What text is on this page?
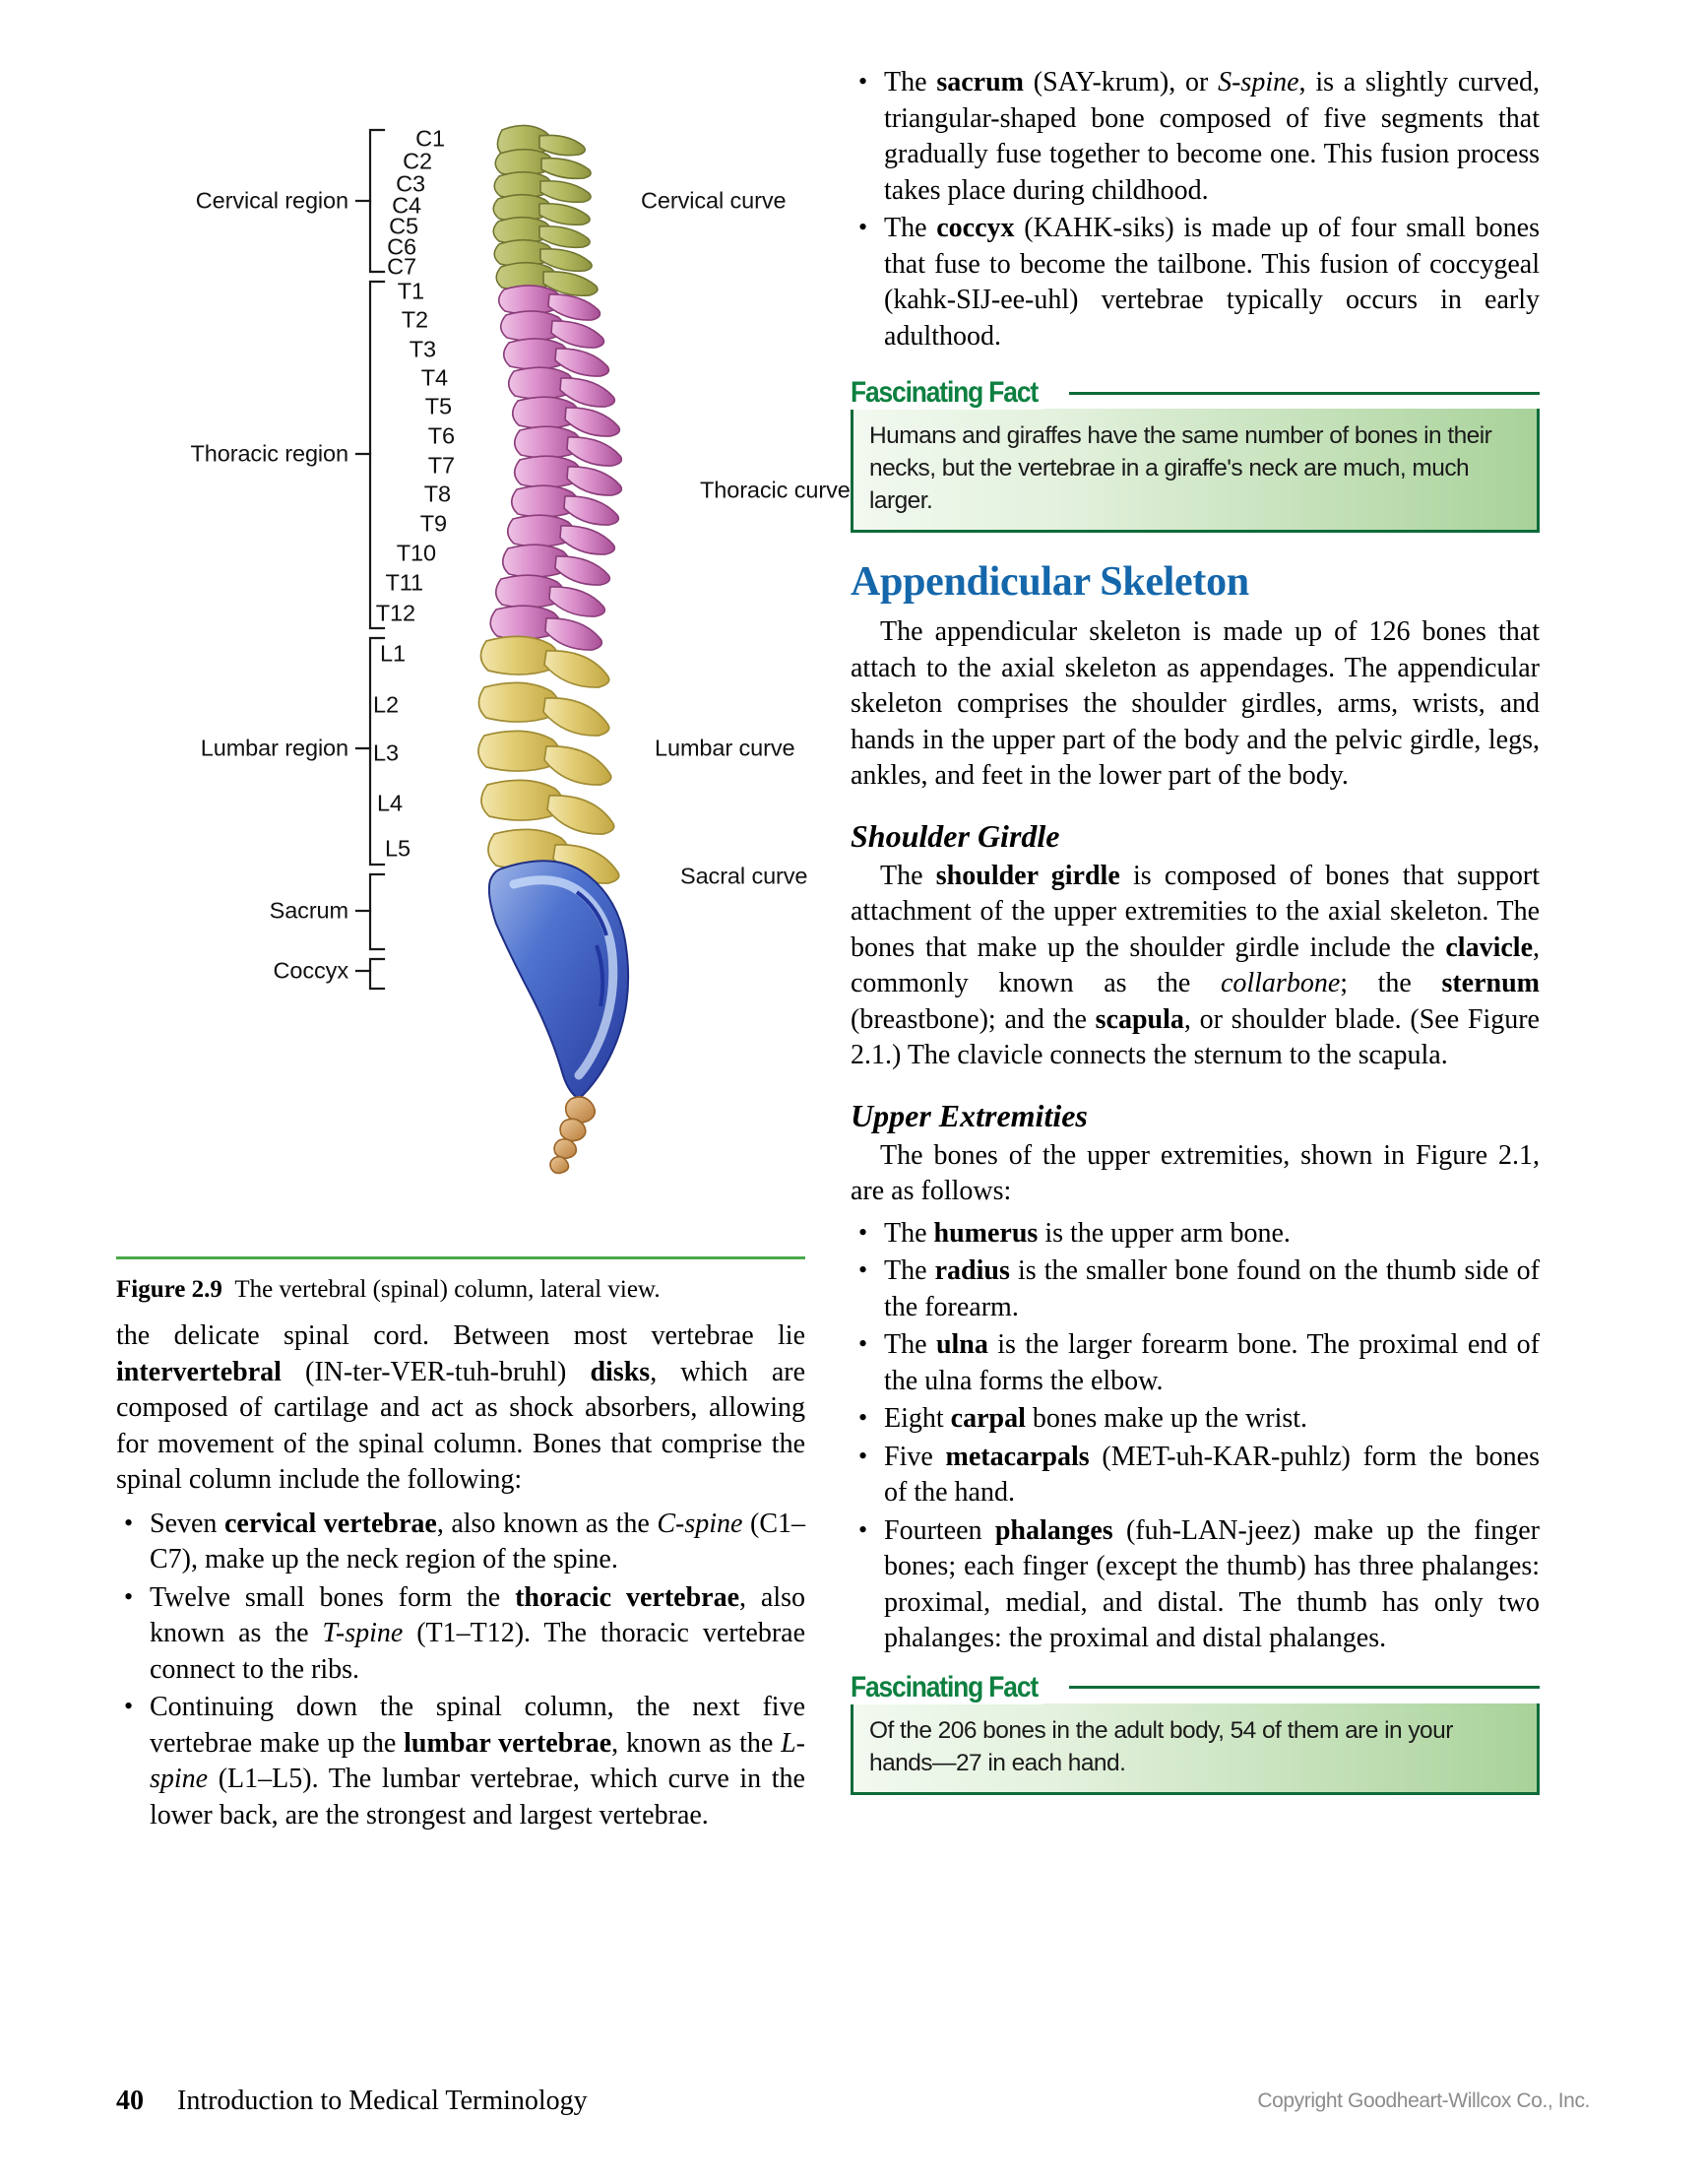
Cervical region
Thoracic region
Lumbar region
Sacrum
Coccyx
Cervical curve
Thoracic curve
Lumbar curve
Sacral curve
C1
C2
C3
C4
C5
C6
C7
T1
T2
T3
T4
T5
T6
T7
T8
T9
T10
T11
T12
L1
L2
L3
L4
L5
Figure 2.9 The vertebral (spinal) column, lateral view.

the delicate spinal cord. Between most vertebrae lie intervertebral (IN-ter-VER-tuh-bruhl) disks, which are composed of cartilage and act as shock absorbers, allowing for movement of the spinal column. Bones that comprise the spinal column include the following:

• Seven cervical vertebrae, also known as the C-spine (C1–C7), make up the neck region of the spine.
• Twelve small bones form the thoracic vertebrae, also known as the T-spine (T1–T12). The thoracic vertebrae connect to the ribs.
• Continuing down the spinal column, the next five vertebrae make up the lumbar vertebrae, known as the L-spine (L1–L5). The lumbar vertebrae, which curve in the lower back, are the strongest and largest vertebrae.
• The sacrum (SAY-krum), or S-spine, is a slightly curved, triangular-shaped bone composed of five segments that gradually fuse together to become one. This fusion process takes place during childhood.
• The coccyx (KAHK-siks) is made up of four small bones that fuse to become the tailbone. This fusion of coccygeal (kahk-SIJ-ee-uhl) vertebrae typically occurs in early adulthood.
Fascinating Fact

Humans and giraffes have the same number of bones in their necks, but the vertebrae in a giraffe's neck are much, much larger.

Appendicular Skeleton

The appendicular skeleton is made up of 126 bones that attach to the axial skeleton as appendages. The appendicular skeleton comprises the shoulder girdles, arms, wrists, and hands in the upper part of the body and the pelvic girdle, legs, ankles, and feet in the lower part of the body.

Shoulder Girdle

The shoulder girdle is composed of bones that support attachment of the upper extremities to the axial skeleton. The bones that make up the shoulder girdle include the clavicle, commonly known as the collarbone; the sternum (breastbone); and the scapula, or shoulder blade. (See Figure 2.1.) The clavicle connects the sternum to the scapula.

Upper Extremities

The bones of the upper extremities, shown in Figure 2.1, are as follows:

• The humerus is the upper arm bone.
• The radius is the smaller bone found on the thumb side of the forearm.
• The ulna is the larger forearm bone. The proximal end of the ulna forms the elbow.
• Eight carpal bones make up the wrist.
• Five metacarpals (MET-uh-KAR-puhlz) form the bones of the hand.
• Fourteen phalanges (fuh-LAN-jeez) make up the finger bones; each finger (except the thumb) has three phalanges: proximal, medial, and distal. The thumb has only two phalanges: the proximal and distal phalanges.
Fascinating Fact

Of the 206 bones in the adult body, 54 of them are in your hands—27 in each hand.

40 Introduction to Medical Terminology	Copyright Goodheart-Willcox Co., Inc.
